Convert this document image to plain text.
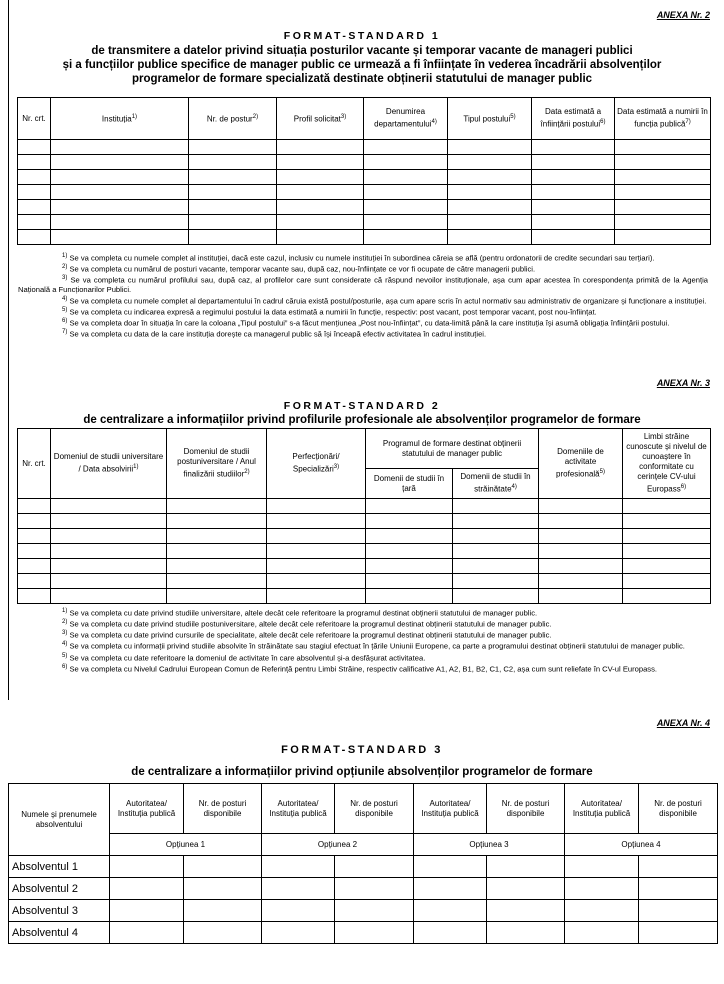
ANEXA Nr. 2
FORMAT-STANDARD 1
de transmitere a datelor privind situația posturilor vacante și temporar vacante de manageri publici
și a funcțiilor publice specifice de manager public ce urmează a fi înființate în vederea încadrării absolvenților
programelor de formare specializată destinate obținerii statutului de manager public
Nr. crt.	Instituția$^{1)}$	Nr. de postur$^{2)}$	Profil solicitat$^{3)}$	Denumirea departamentului$^{4)}$	Tipul postului$^{5)}$	Data estimată a înființării postului$^{6)}$	Data estimată a numirii în funcția publică$^{7)}$

$^{1)}$ Se va completa cu numele complet al instituției, dacă este cazul, inclusiv cu numele instituției în subordinea căreia se află (pentru ordonatorii de credite secundari sau terțiari).

$^{2)}$ Se va completa cu numărul de posturi vacante, temporar vacante sau, după caz, nou-înființate ce vor fi ocupate de către managerii publici.

$^{3)}$ Se va completa cu numărul profilului sau, după caz, al profilelor care sunt considerate că răspund nevoilor instituționale, așa cum apar acestea în corespondența primită de la Agenția Națională a Funcționarilor Publici.

$^{4)}$ Se va completa cu numele complet al departamentului în cadrul căruia există postul/posturile, așa cum apare scris în actul normativ sau administrativ de organizare și funcționare a instituției.

$^{5)}$ Se va completa cu indicarea expresă a regimului postului la data estimată a numirii în funcție, respectiv: post vacant, post temporar vacant, post nou-înființat.

$^{6)}$ Se va completa doar în situația în care la coloana „Tipul postului” s-a făcut mențiunea „Post nou-înființat”, cu data-limită până la care instituția își asumă obligația înființării postului.

$^{7)}$ Se va completa cu data de la care instituția dorește ca managerul public să își înceapă efectiv activitatea în cadrul instituției.

ANEXA Nr. 3
FORMAT-STANDARD 2
de centralizare a informațiilor privind profilurile profesionale ale absolvenților programelor de formare
Nr. crt.	Domeniul de studii universitare / Data absolvirii$^{1)}$	Domeniul de studii postuniversitare / Anul finalizării studiilor$^{2)}$	Perfecționări/ Specializări$^{3)}$	Programul de formare destinat obținerii statutului de manager public		Domeniile de activitate profesională$^{5)}$	Limbi străine cunoscute și nivelul de cunoaștere în conformitate cu cerințele CV-ului Europass$^{6)}$
				Domenii de studii în țară	Domenii de studii în străinătate$^{4)}$

$^{1)}$ Se va completa cu date privind studiile universitare, altele decât cele referitoare la programul destinat obținerii statutului de manager public.

$^{2)}$ Se va completa cu date privind studiile postuniversitare, altele decât cele referitoare la programul destinat obținerii statutului de manager public.

$^{3)}$ Se va completa cu date privind cursurile de specialitate, altele decât cele referitoare la programul destinat obținerii statutului de manager public.

$^{4)}$ Se va completa cu informații privind studiile absolvite în străinătate sau stagiul efectuat în țările Uniunii Europene, ca parte a programului destinat obținerii statutului de manager public.

$^{5)}$ Se va completa cu date referitoare la domeniul de activitate în care absolventul și-a desfășurat activitatea.

$^{6)}$ Se va completa cu Nivelul Cadrului European Comun de Referință pentru Limbi Străine, respectiv calificative A1, A2, B1, B2, C1, C2, așa cum sunt reliefate în CV-ul Europass.

ANEXA Nr. 4
FORMAT-STANDARD 3
de centralizare a informațiilor privind opțiunile absolvenților programelor de formare
Numele și prenumele absolventului	Autoritatea/ Instituția publică	Nr. de posturi disponibile	Autoritatea/ Instituția publică	Nr. de posturi disponibile	Autoritatea/ Instituția publică	Nr. de posturi disponibile	Autoritatea/ Instituția publică	Nr. de posturi disponibile
	Opțiunea 1		Opțiunea 2		Opțiunea 3		Opțiunea 4	
Absolventul 1								
Absolventul 2								
Absolventul 3								
Absolventul 4								
